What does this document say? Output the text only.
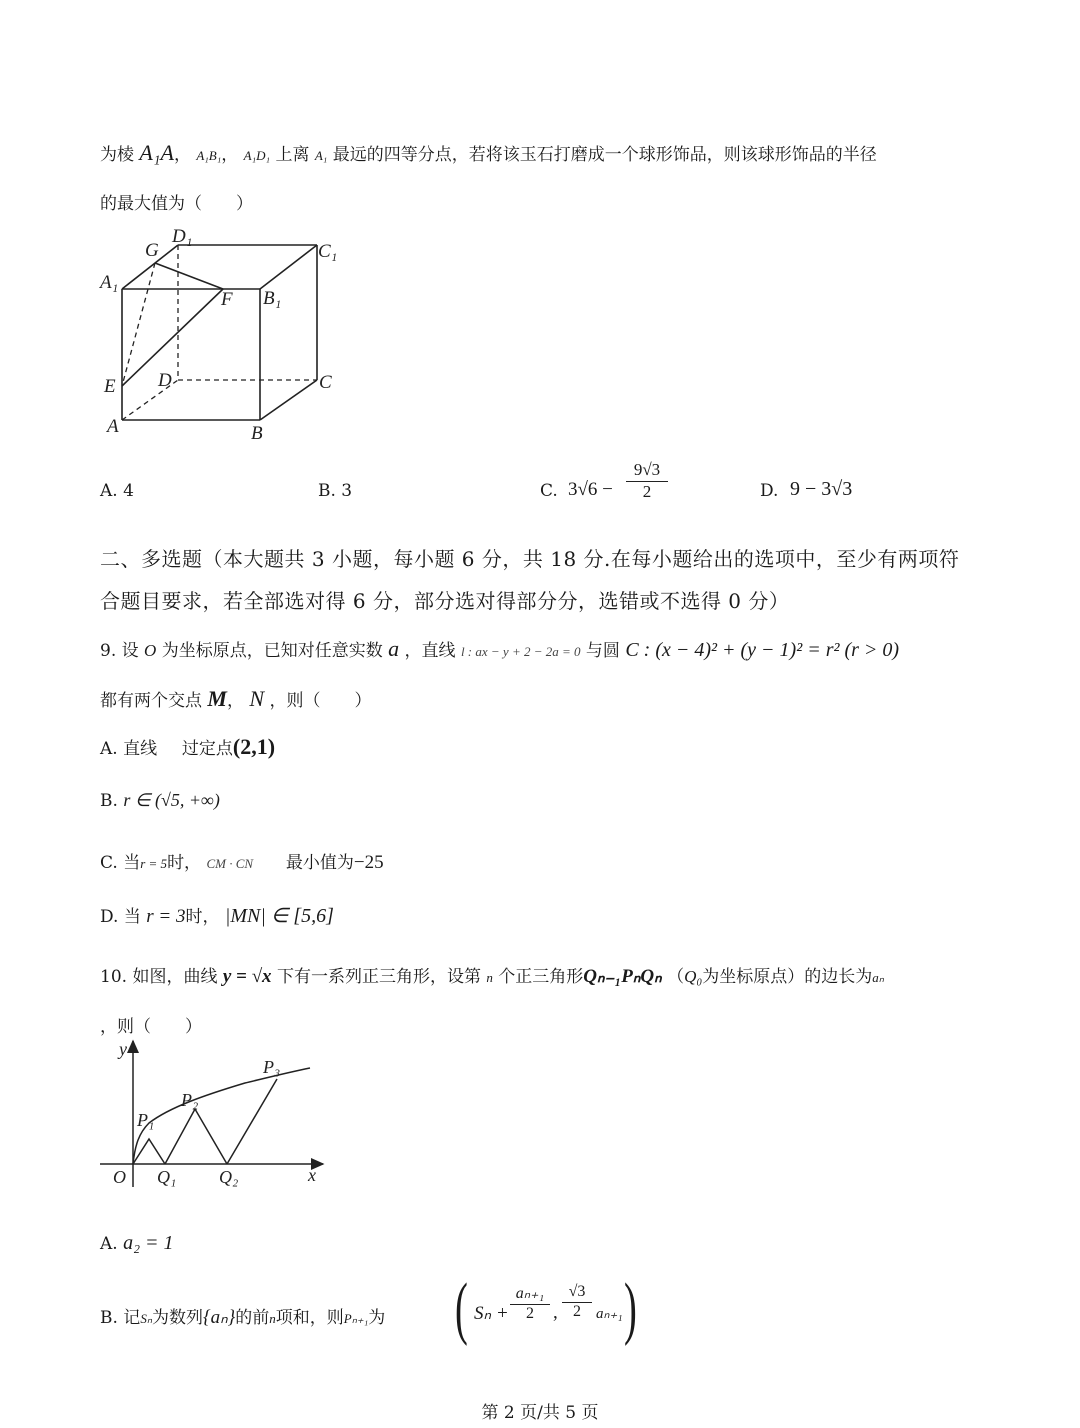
为棱 A₁A， A₁B₁， A₁D₁ 上离 A₁ 最远的四等分点，若将该玉石打磨成一个球形饰品，则该球形饰品的半径
的最大值为（　　）
G
D₁
C₁
A₁
F B₁
E D	C
A	B
A. 4	B. 3	C. 3√6 −
9√3
2	D. 9 − 3√3
二、多选题（本大题共 3 小题，每小题 6 分，共 18 分.在每小题给出的选项中，至少有两项符
合题目要求，若全部选对得 6 分，部分选对得部分分，选错或不选得 0 分）
9. 设 O 为坐标原点，已知对任意实数 a ，直线 l : ax − y + 2 − 2a = 0 与圆 C : (x − 4)² + (y − 1)² = r² (r > 0)
都有两个交点 M， N ，则（　　）
A. 直线 过定点(2,1)
B. r ∈ (√5, +∞)
C. 当r = 5时， CM · CN 最小值为−25
D. 当 r = 3时， |MN| ∈ [5,6]
10. 如图，曲线 y = √x 下有一系列正三角形，设第 n 个正三角形Qₙ₋₁PₙQₙ （Q₀为坐标原点）的边长为aₙ
，则（　　）
y
P₃
P₂
P₁
O Q₁ Q₂	x
A. a₂ = 1
B. 记Sₙ为数列{aₙ}的前n项和，则Pₙ₊₁为 ( Sₙ +
aₙ₊₁
2	,
√3
2	aₙ₊₁ )
第 2 页/共 5 页
